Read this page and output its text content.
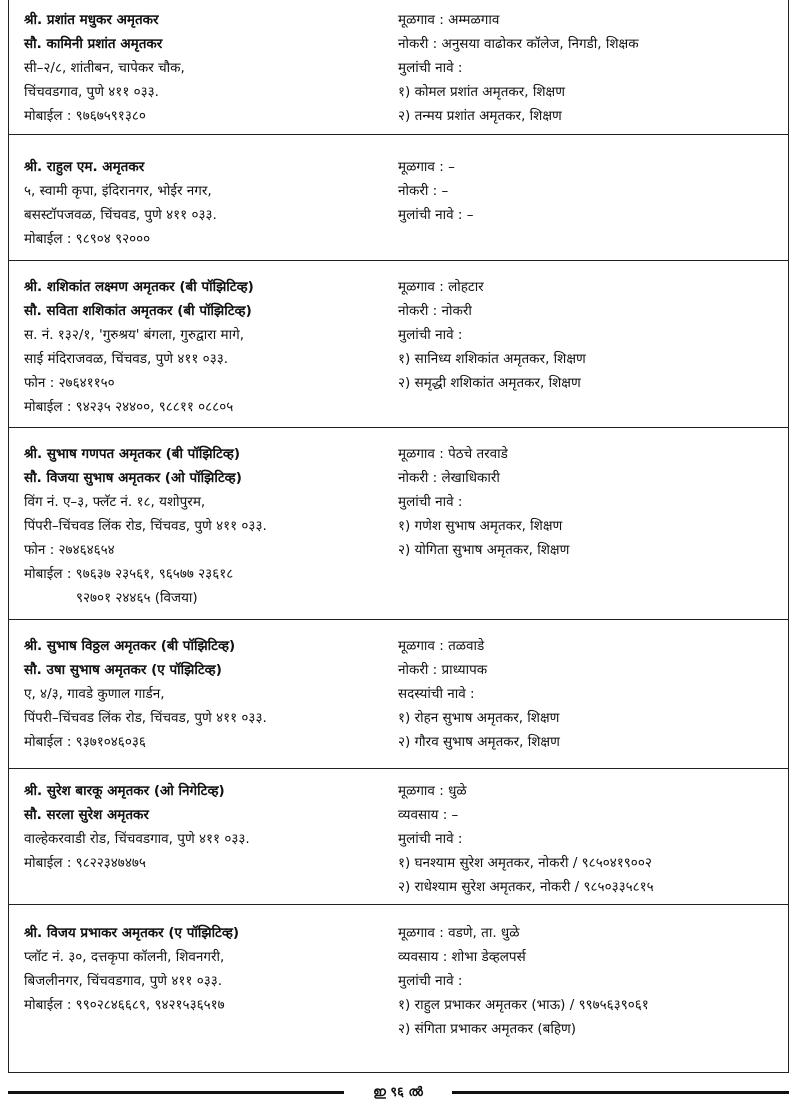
श्री. प्रशांत मधुकर अमृतकर
सौ. कामिनी प्रशांत अमृतकर
सी–२/८, शांतीबन, चापेकर चौक,
चिंचवडगाव, पुणे ४११ ०३३.
मोबाईल : ९७६७५९१३८०
मूळगाव : अम्मळगाव
नोकरी : अनुसया वाढोकर कॉलेज, निगडी, शिक्षक
मुलांची नावे :
१) कोमल प्रशांत अमृतकर, शिक्षण
२) तन्मय प्रशांत अमृतकर, शिक्षण
श्री. राहुल एम. अमृतकर
५, स्वामी कृपा, इंदिरानगर, भोईर नगर,
बसस्टॉपजवळ, चिंचवड, पुणे ४११ ०३३.
मोबाईल : ९८९०४ ९२०००
मूळगाव : –
नोकरी : –
मुलांची नावे : –
श्री. शशिकांत लक्ष्मण अमृतकर (बी पॉझिटिव्ह)
सौ. सविता शशिकांत अमृतकर (बी पॉझिटिव्ह)
स. नं. १३२/१, 'गुरुश्रय' बंगला, गुरुद्वारा मागे,
साई मंदिराजवळ, चिंचवड, पुणे ४११ ०३३.
फोन : २७६४११५०
मोबाईल : ९४२३५ २४४००, ९८८११ ०८८०५
मूळगाव : लोहटार
नोकरी : नोकरी
मुलांची नावे :
१) सानिध्य शशिकांत अमृतकर, शिक्षण
२) समृद्धी शशिकांत अमृतकर, शिक्षण
श्री. सुभाष गणपत अमृतकर (बी पॉझिटिव्ह)
सौ. विजया सुभाष अमृतकर (ओ पॉझिटिव्ह)
विंग नं. ए–३, फ्लॅट नं. १८, यशोपुरम,
पिंपरी–चिंचवड लिंक रोड, चिंचवड, पुणे ४११ ०३३.
फोन : २७४६४६५४
मोबाईल : ९७६३७ २३५६१, ९६५७७ २३६१८
९२७०१ २४४६५ (विजया)
मूळगाव : पेठचे तरवाडे
नोकरी : लेखाधिकारी
मुलांची नावे :
१) गणेश सुभाष अमृतकर, शिक्षण
२) योगिता सुभाष अमृतकर, शिक्षण
श्री. सुभाष विठ्ठल अमृतकर (बी पॉझिटिव्ह)
सौ. उषा सुभाष अमृतकर (ए पॉझिटिव्ह)
ए, ४/३, गावडे कुणाल गार्डन,
पिंपरी–चिंचवड लिंक रोड, चिंचवड, पुणे ४११ ०३३.
मोबाईल : ९३७१०४६०३६
मूळगाव : तळवाडे
नोकरी : प्राध्यापक
सदस्यांची नावे :
१) रोहन सुभाष अमृतकर, शिक्षण
२) गौरव सुभाष अमृतकर, शिक्षण
श्री. सुरेश बारकू अमृतकर (ओ निगेटिव्ह)
सौ. सरला सुरेश अमृतकर
वाल्हेकरवाडी रोड, चिंचवडगाव, पुणे ४११ ०३३.
मोबाईल : ९८२२३४७४७५
मूळगाव : धुळे
व्यवसाय : –
मुलांची नावे :
१) घनश्याम सुरेश अमृतकर, नोकरी / ९८५०४१९००२
२) राधेश्याम सुरेश अमृतकर, नोकरी / ९८५०३३५८१५
श्री. विजय प्रभाकर अमृतकर (ए पॉझिटिव्ह)
प्लॉट नं. ३०, दत्तकृपा कॉलनी, शिवनगरी,
बिजलीनगर, चिंचवडगाव, पुणे ४११ ०३३.
मोबाईल : ९९०२८४६६८९, ९४२१५३६५१७
मूळगाव : वडणे, ता. धुळे
व्यवसाय : शोभा डेव्हलपर्स
मुलांची नावे :
१) राहुल प्रभाकर अमृतकर (भाऊ) / ९९७५६३९०६१
२) संगिता प्रभाकर अमृतकर (बहिण)
ഇ ९६ ൽ
